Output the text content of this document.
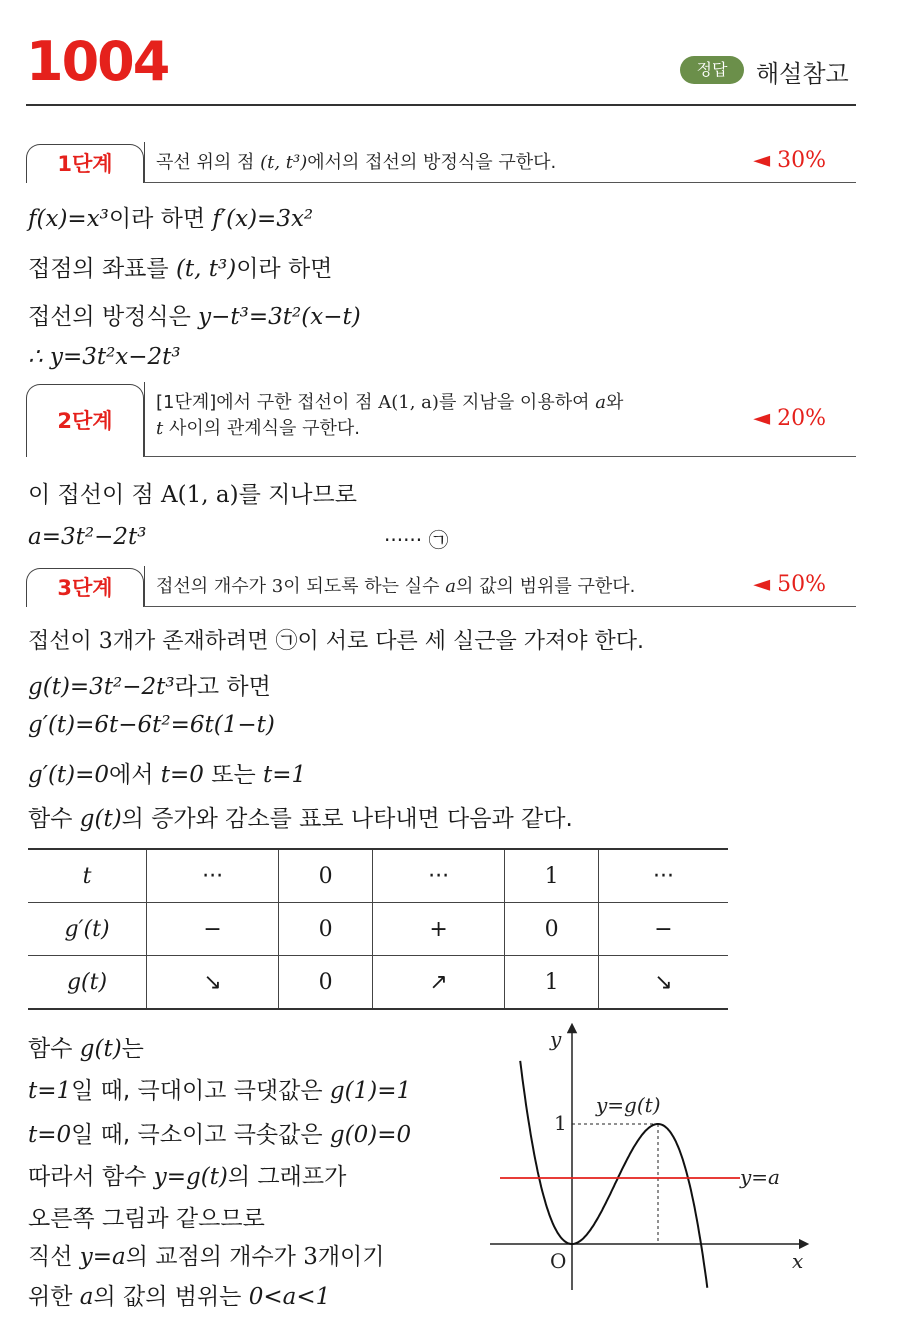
1004	정답	해설참고
1단계	곡선 위의 점 (t, t³)에서의 접선의 방정식을 구한다.	◄ 30%
f(x)=x³이라 하면 f′(x)=3x²
접점의 좌표를 (t, t³)이라 하면
접선의 방정식은 y−t³=3t²(x−t)
∴ y=3t²x−2t³
2단계
[1단계]에서 구한 접선이 점 A(1, a)를 지남을 이용하여 a와
t 사이의 관계식을 구한다.	◄ 20%
이 접선이 점 A(1, a)를 지나므로
a=3t²−2t³	······ ㉠
3단계	접선의 개수가 3이 되도록 하는 실수 a의 값의 범위를 구한다.	◄ 50%
접선이 3개가 존재하려면 ㉠이 서로 다른 세 실근을 가져야 한다.
g(t)=3t²−2t³라고 하면
g′(t)=6t−6t²=6t(1−t)
g′(t)=0에서 t=0 또는 t=1
함수 g(t)의 증가와 감소를 표로 나타내면 다음과 같다.
t	···	0	···	1	···
g′(t)	−	0	+	0	−
g(t)	↘	0	↗	1	↘
함수 g(t)는
t=1일 때, 극대이고 극댓값은 g(1)=1
t=0일 때, 극소이고 극솟값은 g(0)=0
따라서 함수 y=g(t)의 그래프가
오른쪽 그림과 같으므로
직선 y=a의 교점의 개수가 3개이기
위한 a의 값의 범위는 0<a<1
y
x
O
1
y=g(t)
y=a
